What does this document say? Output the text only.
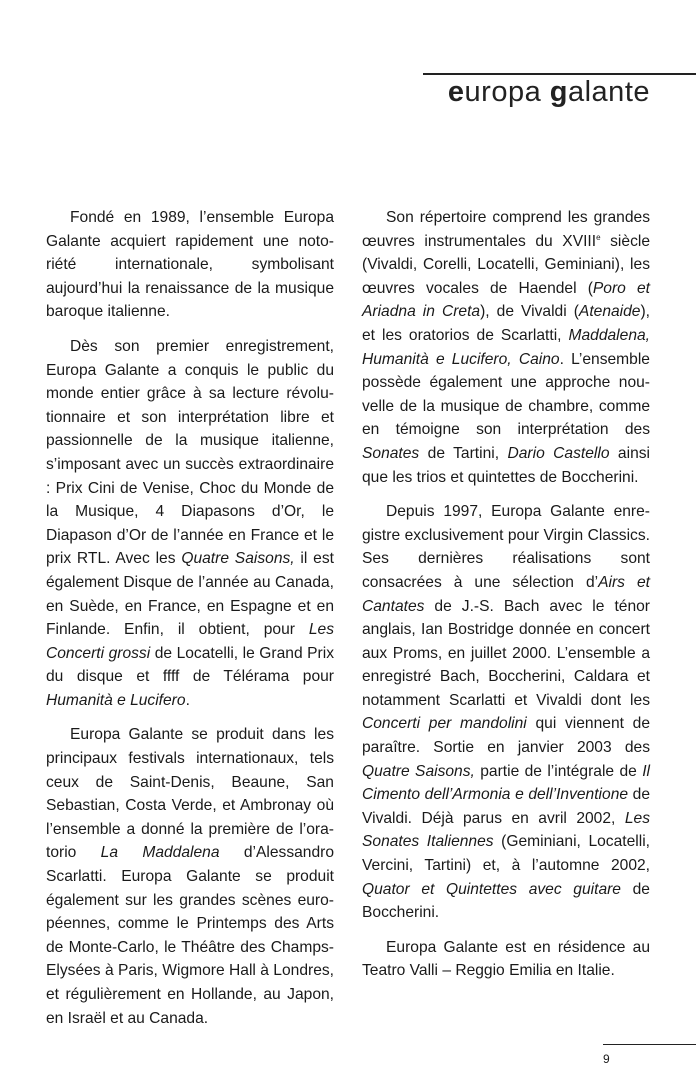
europa galante

Fondé en 1989, l’ensemble Europa Galante acquiert rapidement une notoriété internationale, symbolisant aujourd’hui la renaissance de la musique baroque italienne.

Dès son premier enregistrement, Europa Galante a conquis le public du monde entier grâce à sa lecture révolutionnaire et son interprétation libre et passionnelle de la musique italienne, s’imposant avec un succès extraordinaire : Prix Cini de Venise, Choc du Monde de la Musique, 4 Diapasons d’Or, le Diapason d’Or de l’année en France et le prix RTL. Avec les Quatre Saisons, il est également Disque de l’année au Canada, en Suède, en France, en Espagne et en Finlande. Enfin, il obtient, pour Les Concerti grossi de Locatelli, le Grand Prix du disque et ffff de Télérama pour Humanità e Lucifero.

Europa Galante se produit dans les principaux festivals internationaux, tels ceux de Saint-Denis, Beaune, San Sebastian, Costa Verde, et Ambronay où l’ensemble a donné la première de l’oratorio La Maddalena d’Alessandro Scarlatti. Europa Galante se produit également sur les grandes scènes européennes, comme le Printemps des Arts de Monte-Carlo, le Théâtre des Champs-Elysées à Paris, Wigmore Hall à Londres, et régulièrement en Hollande, au Japon, en Israël et au Canada.

Son répertoire comprend les grandes œuvres instrumentales du XVIIIe siècle (Vivaldi, Corelli, Locatelli, Geminiani), les œuvres vocales de Haendel (Poro et Ariadna in Creta), de Vivaldi (Atenaide), et les oratorios de Scarlatti, Maddalena, Humanità e Lucifero, Caino. L’ensemble possède également une approche nouvelle de la musique de chambre, comme en témoigne son interprétation des Sonates de Tartini, Dario Castello ainsi que les trios et quintettes de Boccherini.

Depuis 1997, Europa Galante enregistre exclusivement pour Virgin Classics. Ses dernières réalisations sont consacrées à une sélection d’Airs et Cantates de J.-S. Bach avec le ténor anglais, Ian Bostridge donnée en concert aux Proms, en juillet 2000. L’ensemble a enregistré Bach, Boccherini, Caldara et notamment Scarlatti et Vivaldi dont les Concerti per mandolini qui viennent de paraître. Sortie en janvier 2003 des Quatre Saisons, partie de l’intégrale de Il Cimento dell’Armonia e dell’Inventione de Vivaldi. Déjà parus en avril 2002, Les Sonates Italiennes (Geminiani, Locatelli, Vercini, Tartini) et, à l’automne 2002, Quator et Quintettes avec guitare de Boccherini.

Europa Galante est en résidence au Teatro Valli – Reggio Emilia en Italie.

9
